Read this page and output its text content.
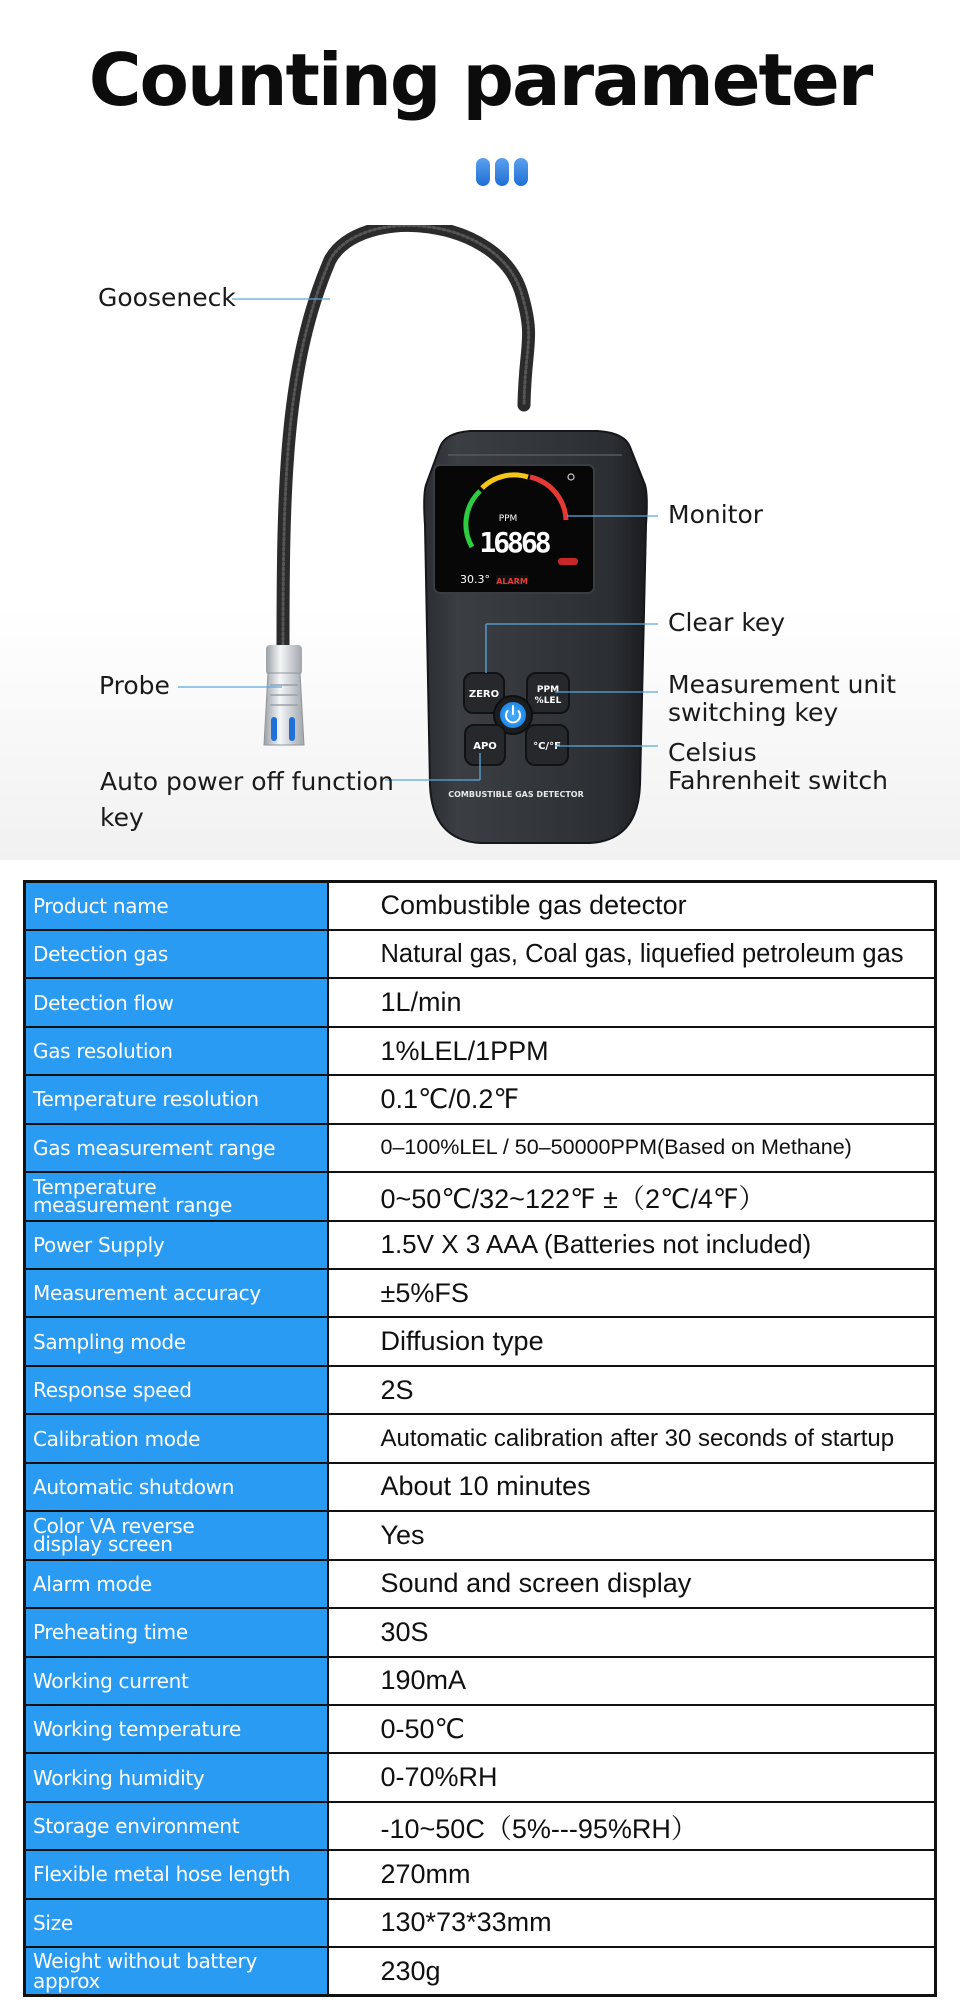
Counting parameter
PPM
16868
30.3° ALARM
ZERO	PPM
%LEL
APO	°C/°F
COMBUSTIBLE GAS DETECTOR
Gooseneck
Probe
Auto power off function
key
Monitor
Clear key
Measurement unit
switching key
Celsius
Fahrenheit switch
Product name	Combustible gas detector
Detection gas	Natural gas, Coal gas, liquefied petroleum gas
Detection flow	1L/min
Gas resolution	1%LEL/1PPM
Temperature resolution	0.1℃/0.2℉
Gas measurement range	0–100%LEL / 50–50000PPM(Based on Methane)

Temperature
measurement range	0~50℃/32~122℉ ±（2℃/4℉）
Power Supply	1.5V X 3 AAA (Batteries not included)
Measurement accuracy	±5%FS
Sampling mode	Diffusion type
Response speed	2S
Calibration mode	Automatic calibration after 30 seconds of startup
Automatic shutdown	About 10 minutes

Color VA reverse
display screen	Yes
Alarm mode	Sound and screen display
Preheating time	30S
Working current	190mA
Working temperature	0-50℃
Working humidity	0-70%RH
Storage environment	-10~50C（5%---95%RH）
Flexible metal hose length	270mm
Size	130*73*33mm
Weight without battery approx	230g
